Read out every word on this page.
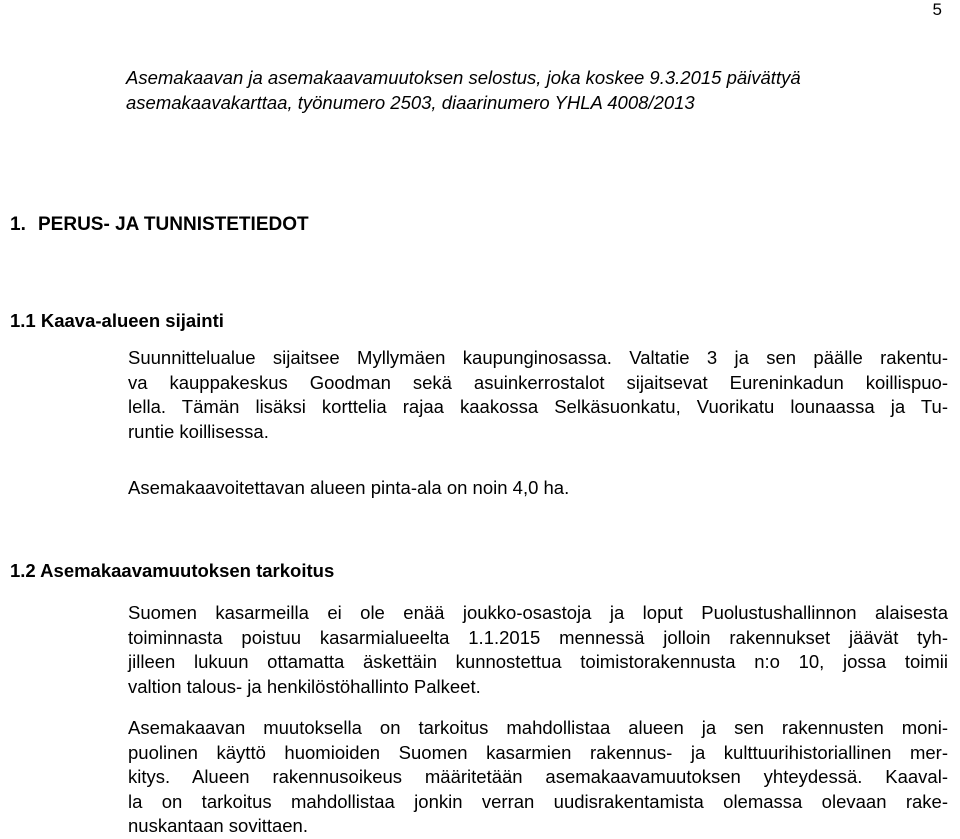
5
Asemakaavan ja asemakaavamuutoksen selostus, joka koskee 9.3.2015 päivättyä
asemakaavakarttaa, työnumero 2503, diaarinumero YHLA 4008/2013
1. PERUS- JA TUNNISTETIEDOT
1.1 Kaava-alueen sijainti
Suunnittelualue sijaitsee Myllymäen kaupunginosassa. Valtatie 3 ja sen päälle rakentu-
va kauppakeskus Goodman sekä asuinkerrostalot sijaitsevat Eureninkadun koillispuo-
lella. Tämän lisäksi korttelia rajaa kaakossa Selkäsuonkatu, Vuorikatu lounaassa ja Tu-
runtie koillisessa.
Asemakaavoitettavan alueen pinta-ala on noin 4,0 ha.
1.2 Asemakaavamuutoksen tarkoitus
Suomen kasarmeilla ei ole enää joukko-osastoja ja loput Puolustushallinnon alaisesta
toiminnasta poistuu kasarmialueelta 1.1.2015 mennessä jolloin rakennukset jäävät tyh-
jilleen lukuun ottamatta äskettäin kunnostettua toimistorakennusta n:o 10, jossa toimii
valtion talous- ja henkilöstöhallinto Palkeet.
Asemakaavan muutoksella on tarkoitus mahdollistaa alueen ja sen rakennusten moni-
puolinen käyttö huomioiden Suomen kasarmien rakennus- ja kulttuurihistoriallinen mer-
kitys. Alueen rakennusoikeus määritetään asemakaavamuutoksen yhteydessä. Kaaval-
la on tarkoitus mahdollistaa jonkin verran uudisrakentamista olemassa olevaan rake-
nuskantaan sovittaen.
